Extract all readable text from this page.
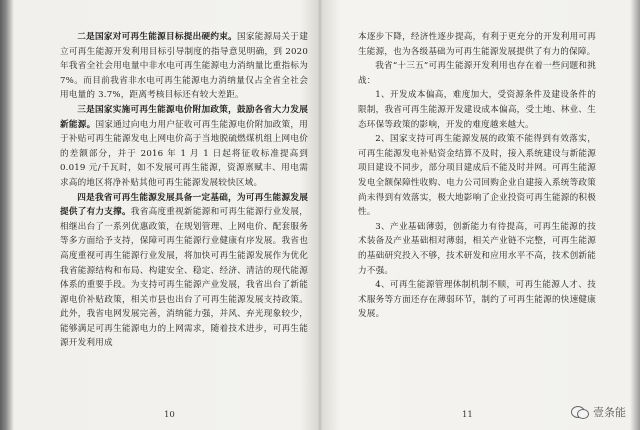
二是国家对可再生能源目标提出硬约束。国家能源局关于建立可再生能源开发利用目标引导制度的指导意见明确，到 2020 年我省全社会用电量中非水电可再生能源电力消纳量比重指标为 7%。而目前我省非水电可再生能源电力消纳量仅占全省全社会用电量的 3.7%，距离考核目标还有较大差距。

三是国家实施可再生能源电价附加政策，鼓励各省大力发展新能源。国家通过向电力用户征收可再生能源电价附加政策，用于补贴可再生能源发电上网电价高于当地脱硫燃煤机组上网电价的差额部分，并于 2016 年 1 月 1 日起将征收标准提高到 0.019 元/千瓦时，如不发展可再生能源，资源禀赋丰、用电需求高的地区将净补贴其他可再生能源发展较快区域。

四是我省可再生能源发展具备一定基础，为可再生能源发展提供了有力支撑。我省高度重视新能源和可再生能源行业发展，相继出台了一系列优惠政策，在规划管理、上网电价、配套服务等多方面给予支持，保障可再生能源行业健康有序发展。我省也高度重视可再生能源行业发展，将加快可再生能源发展作为优化我省能源结构和布局、构建安全、稳定、经济、清洁的现代能源体系的重要手段。为支持可再生能源产业发展，我省出台了新能源电价补贴政策，相关市县也出台了可再生能源发展支持政策。此外，我省电网发展完善，消纳能力强，并风、弃光现象较少，能够满足可再生能源电力的上网需求，随着技术进步，可再生能源开发利用成

10

本逐步下降，经济性逐步提高，有利于更充分的开发利用可再生能源，也为各级基础为可再生能源发展提供了有力的保障。

我省“十三五”可再生能源开发利用也存在着一些问题和挑战：

1、开发成本偏高，难度加大，受资源条件及建设条件的限制，我省可再生能源开发建设成本偏高，受土地、林业、生态环保等政策的影响，开发的难度越来越大。

2、国家支持可再生能源发展的政策不能得到有效落实，可再生能源发电补贴资金结算不及时，接入系统建设与新能源项目建设不同步，部分项目建成后不能及时并网。可再生能源发电全额保障性收购、电力公司回购企业自建接入系统等政策尚未得到有效落实，极大地影响了企业投资可再生能源的积极性。

3、产业基础薄弱，创新能力有待提高，可再生能源的技术装备及产业基础相对薄弱，相关产业链不完整，可再生能源的基础研究投入不够，技术研发和应用水平不高，技术创新能力不强。

4、可再生能源管理体制机制不顺，可再生能源人才、技术服务等方面还存在薄弱环节，制约了可再生能源的快速健康发展。

11	壹条能
